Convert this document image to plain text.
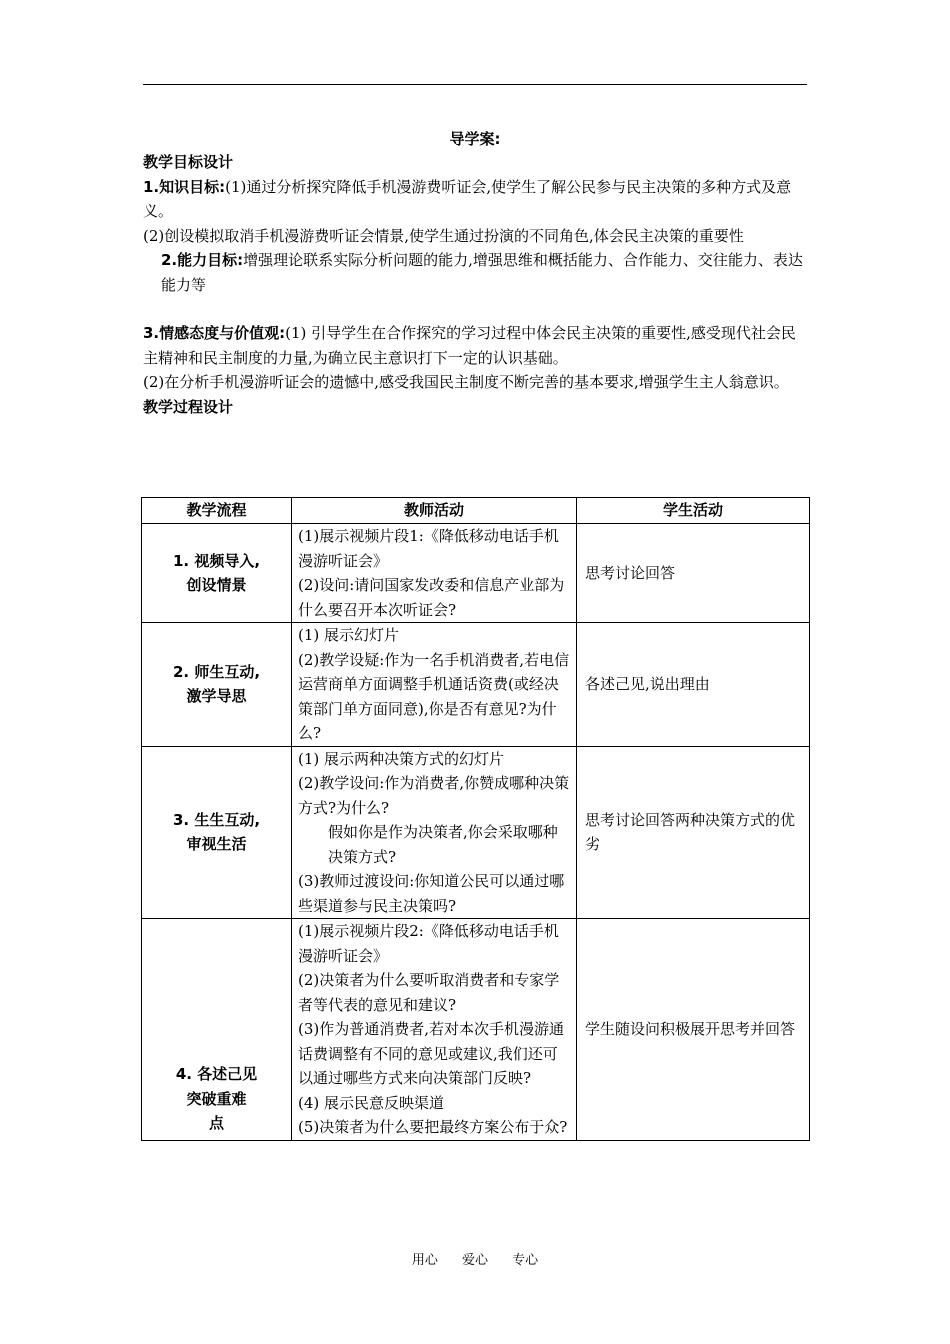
导学案:

教学目标设计

1.知识目标:(1)通过分析探究降低手机漫游费听证会,使学生了解公民参与民主决策的多种方式及意义。

(2)创设模拟取消手机漫游费听证会情景,使学生通过扮演的不同角色,体会民主决策的重要性

2.能力目标:增强理论联系实际分析问题的能力,增强思维和概括能力、合作能力、交往能力、表达能力等

3.情感态度与价值观:(1) 引导学生在合作探究的学习过程中体会民主决策的重要性,感受现代社会民主精神和民主制度的力量,为确立民主意识打下一定的认识基础。

(2)在分析手机漫游听证会的遗憾中,感受我国民主制度不断完善的基本要求,增强学生主人翁意识。

教学过程设计

教学流程	教师活动	学生活动

1. 视频导入,
创设情景	(1)展示视频片段1:《降低移动电话手机漫游听证会》
(2)设问:请问国家发改委和信息产业部为什么要召开本次听证会?	思考讨论回答

2. 师生互动,
激学导思	(1) 展示幻灯片
(2)教学设疑:作为一名手机消费者,若电信运营商单方面调整手机通话资费(或经决策部门单方面同意),你是否有意见?为什么?	各述己见,说出理由

3. 生生互动,
审视生活	(1) 展示两种决策方式的幻灯片
(2)教学设问:作为消费者,你赞成哪种决策方式?为什么?
假如你是作为决策者,你会采取哪种决策方式?
(3)教师过渡设问:你知道公民可以通过哪些渠道参与民主决策吗?	思考讨论回答两种决策方式的优劣

4. 各述己见
突破重难
点	(1)展示视频片段2:《降低移动电话手机漫游听证会》
(2)决策者为什么要听取消费者和专家学者等代表的意见和建议?
(3)作为普通消费者,若对本次手机漫游通话费调整有不同的意见或建议,我们还可以通过哪些方式来向决策部门反映?
(4) 展示民意反映渠道
(5)决策者为什么要把最终方案公布于众?	学生随设问积极展开思考并回答
用心 爱心 专心
